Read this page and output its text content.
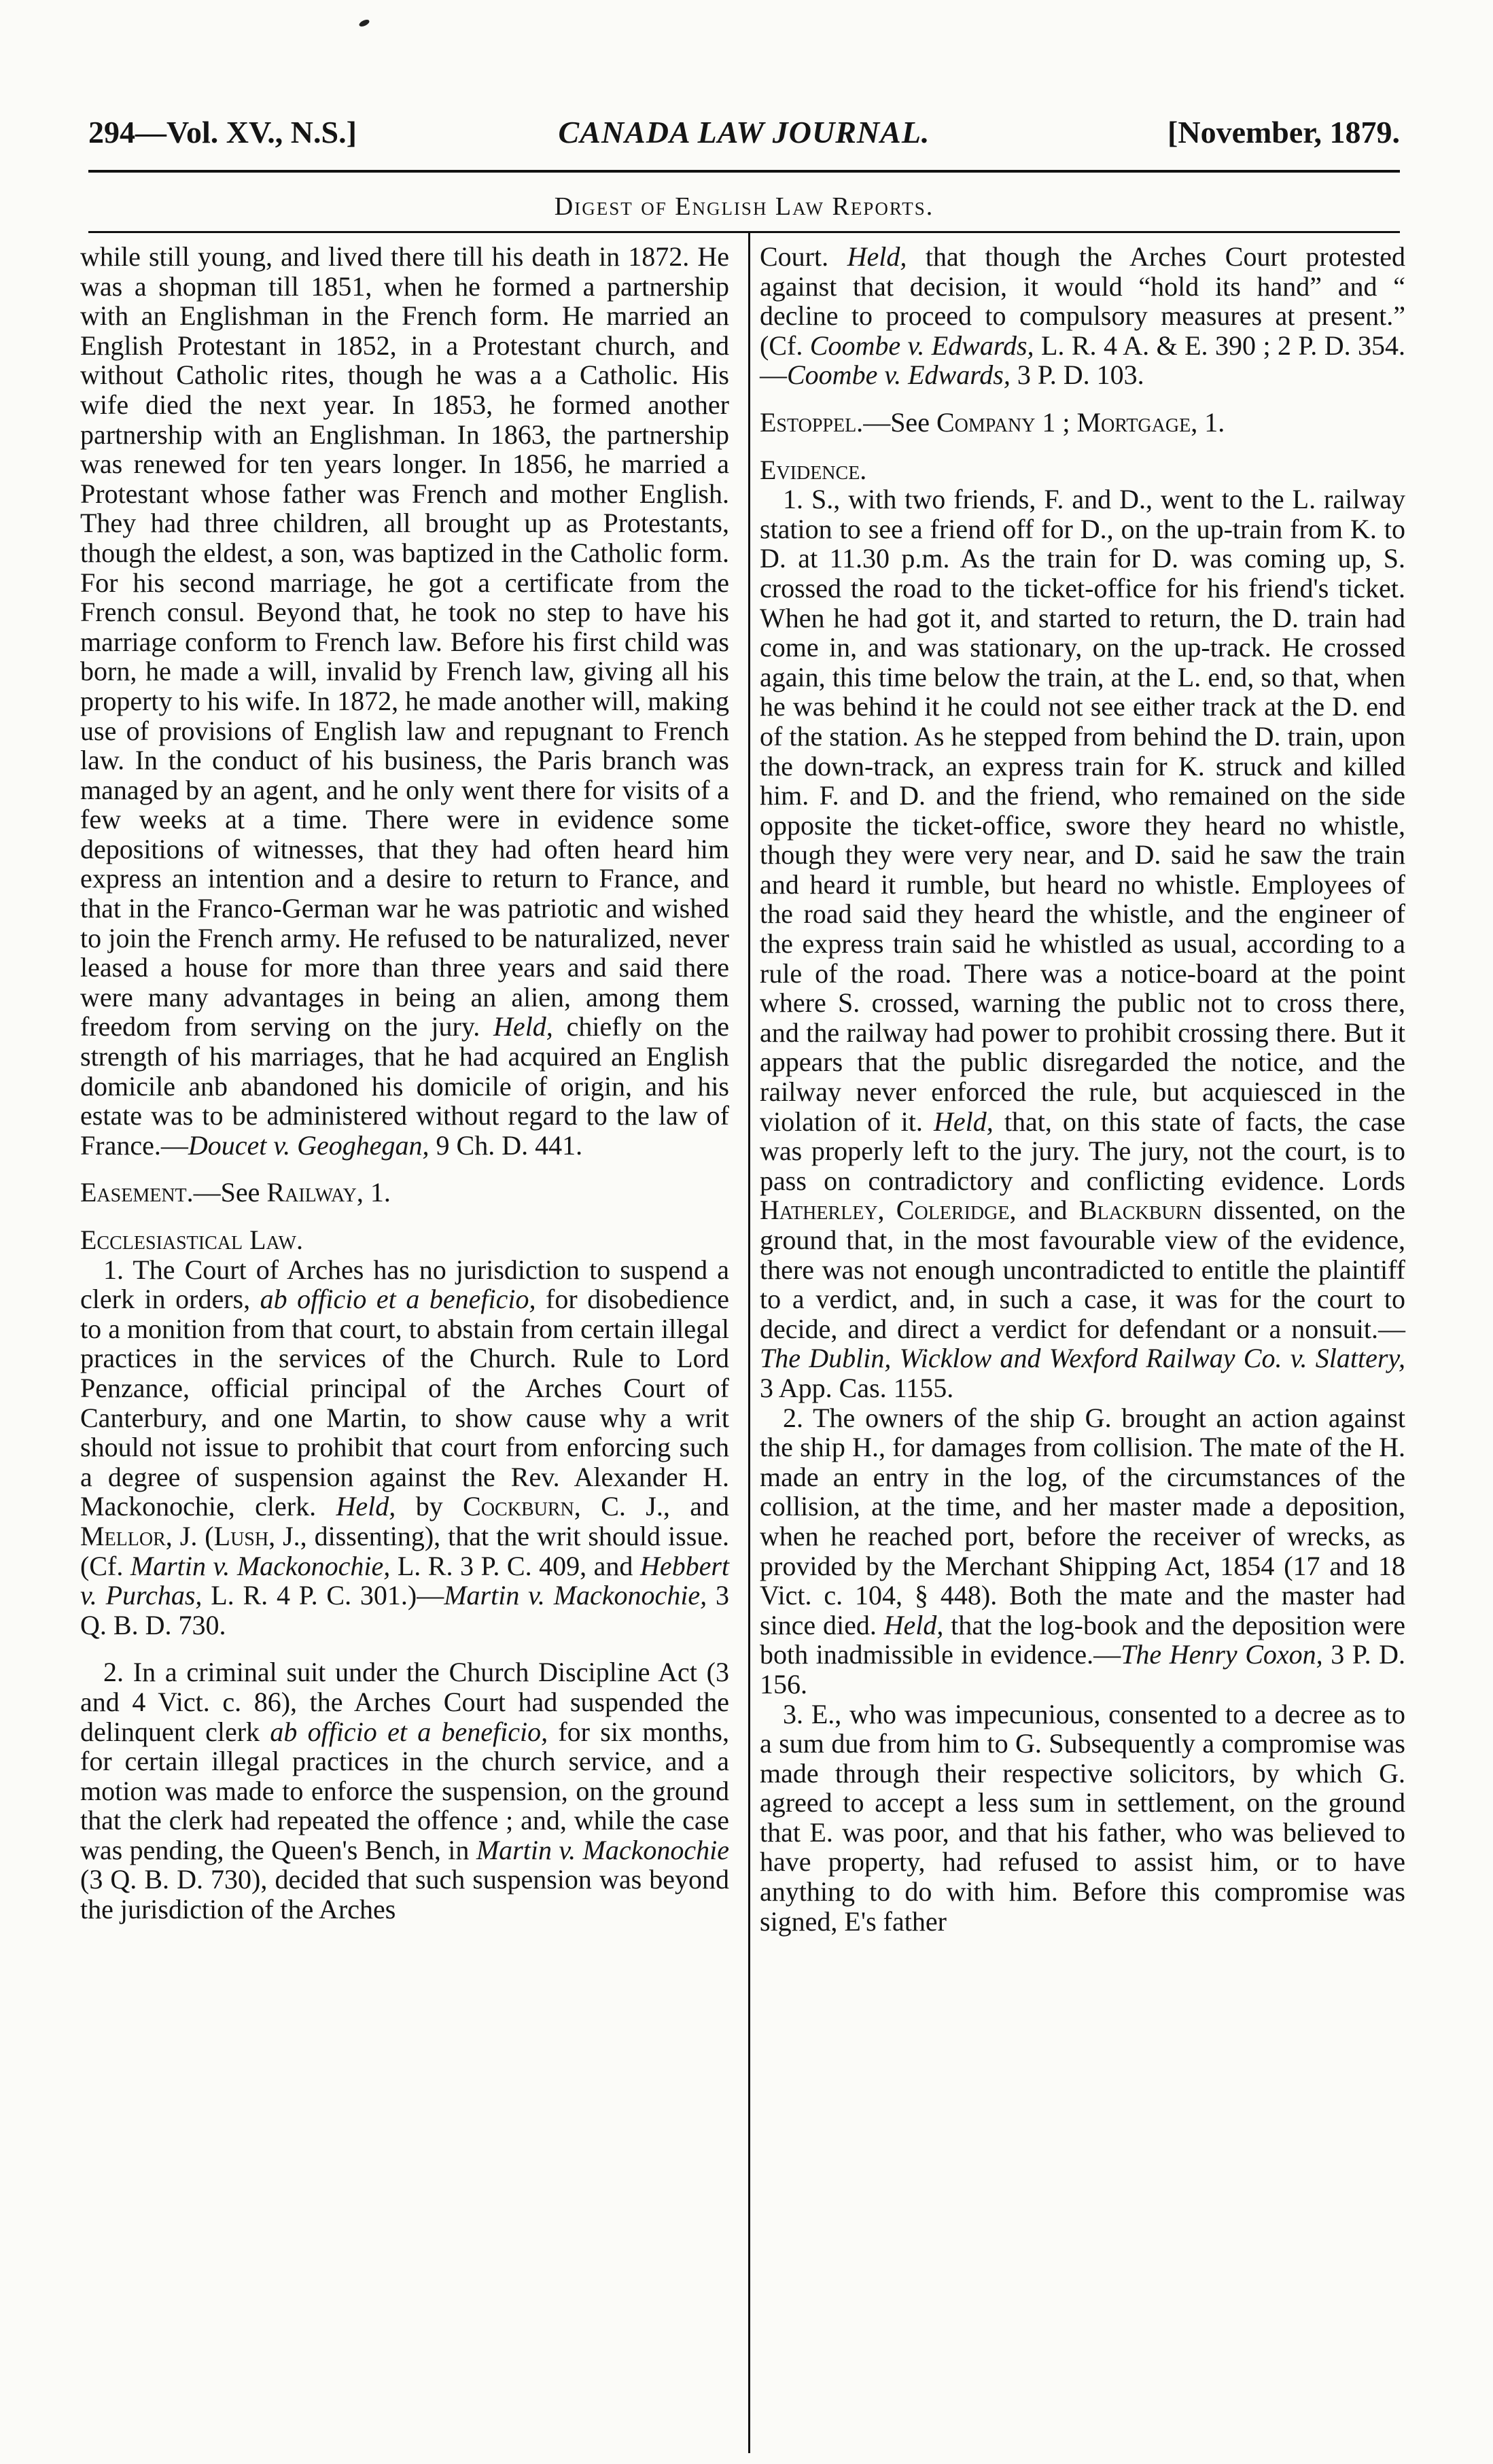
294—Vol. XV., N.S.]	CANADA LAW JOURNAL.	[November, 1879.
Digest of English Law Reports.

while still young, and lived there till his death in 1872. He was a shopman till 1851, when he formed a partnership with an Englishman in the French form. He married an English Protestant in 1852, in a Protestant church, and without Catholic rites, though he was a a Catholic. His wife died the next year. In 1853, he formed another partnership with an Englishman. In 1863, the partnership was renewed for ten years longer. In 1856, he married a Protestant whose father was French and mother English. They had three children, all brought up as Protestants, though the eldest, a son, was baptized in the Catholic form. For his second marriage, he got a certificate from the French consul. Beyond that, he took no step to have his marriage conform to French law. Before his first child was born, he made a will, invalid by French law, giving all his property to his wife. In 1872, he made another will, making use of provisions of English law and repugnant to French law. In the conduct of his business, the Paris branch was managed by an agent, and he only went there for visits of a few weeks at a time. There were in evidence some depositions of witnesses, that they had often heard him express an intention and a desire to return to France, and that in the Franco-German war he was patriotic and wished to join the French army. He refused to be naturalized, never leased a house for more than three years and said there were many advantages in being an alien, among them freedom from serving on the jury. Held, chiefly on the strength of his marriages, that he had acquired an English domicile anb abandoned his domicile of origin, and his estate was to be administered without regard to the law of France.—Doucet v. Geoghegan, 9 Ch. D. 441.

Easement.—See Railway, 1.

Ecclesiastical Law.

1. The Court of Arches has no jurisdiction to suspend a clerk in orders, ab officio et a beneficio, for disobedience to a monition from that court, to abstain from certain illegal practices in the services of the Church. Rule to Lord Penzance, official principal of the Arches Court of Canterbury, and one Martin, to show cause why a writ should not issue to prohibit that court from enforcing such a degree of suspension against the Rev. Alexander H. Mackonochie, clerk. Held, by Cockburn, C. J., and Mellor, J. (Lush, J., dissenting), that the writ should issue. (Cf. Martin v. Mackonochie, L. R. 3 P. C. 409, and Hebbert v. Purchas, L. R. 4 P. C. 301.)—Martin v. Mackonochie, 3 Q. B. D. 730.

2. In a criminal suit under the Church Discipline Act (3 and 4 Vict. c. 86), the Arches Court had suspended the delinquent clerk ab officio et a beneficio, for six months, for certain illegal practices in the church service, and a motion was made to enforce the suspension, on the ground that the clerk had repeated the offence ; and, while the case was pending, the Queen's Bench, in Martin v. Mackonochie (3 Q. B. D. 730), decided that such suspension was beyond the jurisdiction of the Arches

Court. Held, that though the Arches Court protested against that decision, it would “hold its hand” and “ decline to proceed to compulsory measures at present.” (Cf. Coombe v. Edwards, L. R. 4 A. & E. 390 ; 2 P. D. 354. —Coombe v. Edwards, 3 P. D. 103.

Estoppel.—See Company 1 ; Mortgage, 1.

Evidence.

1. S., with two friends, F. and D., went to the L. railway station to see a friend off for D., on the up-train from K. to D. at 11.30 p.m. As the train for D. was coming up, S. crossed the road to the ticket-office for his friend's ticket. When he had got it, and started to return, the D. train had come in, and was stationary, on the up-track. He crossed again, this time below the train, at the L. end, so that, when he was behind it he could not see either track at the D. end of the station. As he stepped from behind the D. train, upon the down-track, an express train for K. struck and killed him. F. and D. and the friend, who remained on the side opposite the ticket-office, swore they heard no whistle, though they were very near, and D. said he saw the train and heard it rumble, but heard no whistle. Employees of the road said they heard the whistle, and the engineer of the express train said he whistled as usual, according to a rule of the road. There was a notice-board at the point where S. crossed, warning the public not to cross there, and the railway had power to prohibit crossing there. But it appears that the public disregarded the notice, and the railway never enforced the rule, but acquiesced in the violation of it. Held, that, on this state of facts, the case was properly left to the jury. The jury, not the court, is to pass on contradictory and conflicting evidence. Lords Hatherley, Coleridge, and Blackburn dissented, on the ground that, in the most favourable view of the evidence, there was not enough uncontradicted to entitle the plaintiff to a verdict, and, in such a case, it was for the court to decide, and direct a verdict for defendant or a nonsuit.—The Dublin, Wicklow and Wexford Railway Co. v. Slattery, 3 App. Cas. 1155.

2. The owners of the ship G. brought an action against the ship H., for damages from collision. The mate of the H. made an entry in the log, of the circumstances of the collision, at the time, and her master made a deposition, when he reached port, before the receiver of wrecks, as provided by the Merchant Shipping Act, 1854 (17 and 18 Vict. c. 104, § 448). Both the mate and the master had since died. Held, that the log-book and the deposition were both inadmissible in evidence.—The Henry Coxon, 3 P. D. 156.

3. E., who was impecunious, consented to a decree as to a sum due from him to G. Subsequently a compromise was made through their respective solicitors, by which G. agreed to accept a less sum in settlement, on the ground that E. was poor, and that his father, who was believed to have property, had refused to assist him, or to have anything to do with him. Before this compromise was signed, E's father
